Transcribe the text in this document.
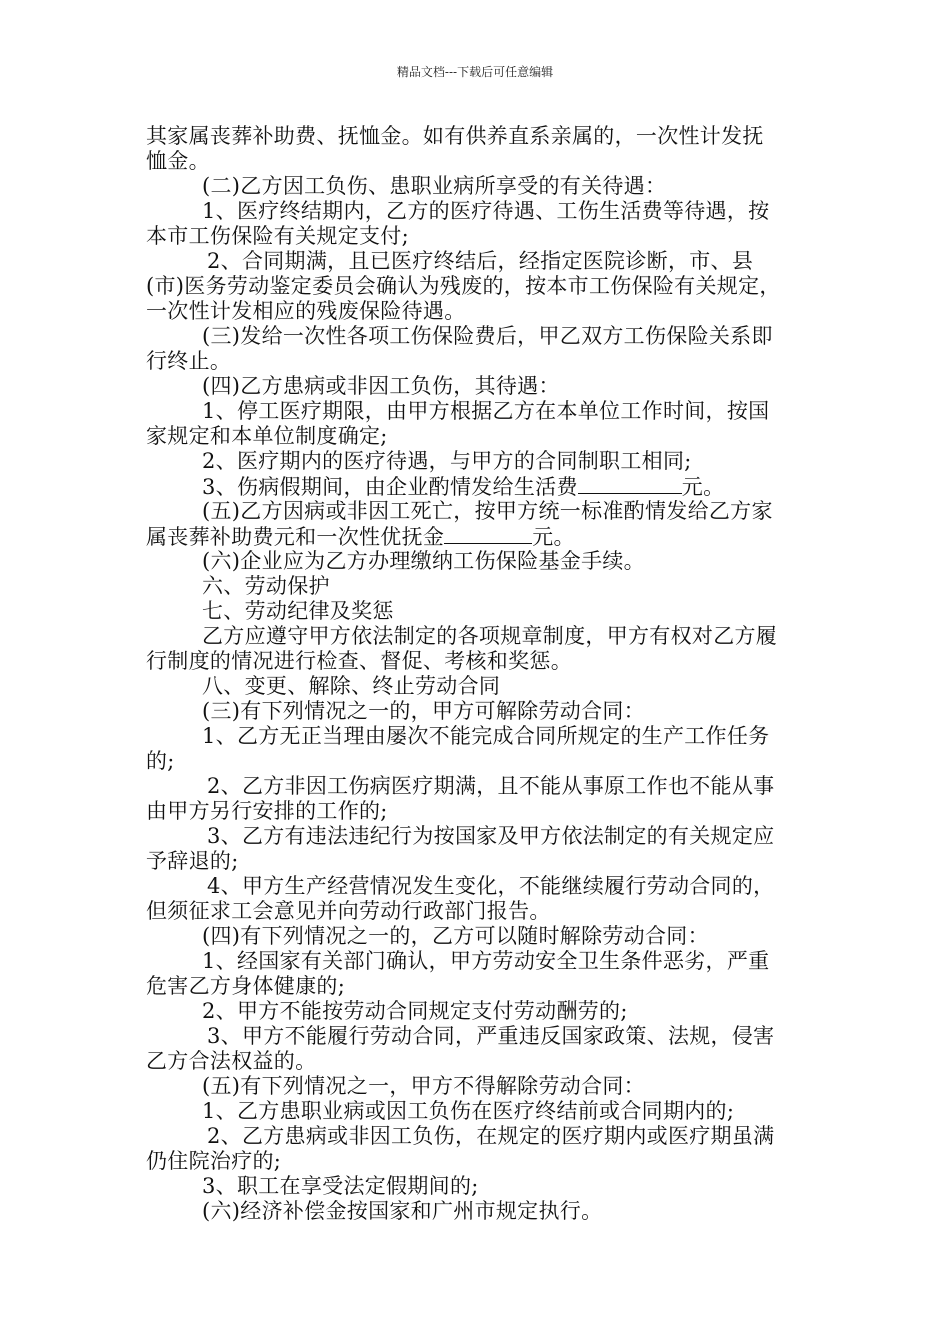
精品文档---下载后可任意编辑
其家属丧葬补助费、抚恤金。如有供养直系亲属的，一次性计发抚
恤金。
(二)乙方因工负伤、患职业病所享受的有关待遇：
1、医疗终结期内，乙方的医疗待遇、工伤生活费等待遇，按
本市工伤保险有关规定支付;
2、合同期满，且已医疗终结后，经指定医院诊断，市、县
(市)医务劳动鉴定委员会确认为残废的，按本市工伤保险有关规定，
一次性计发相应的残废保险待遇。
(三)发给一次性各项工伤保险费后，甲乙双方工伤保险关系即
行终止。
(四)乙方患病或非因工负伤，其待遇：
1、停工医疗期限，由甲方根据乙方在本单位工作时间，按国
家规定和本单位制度确定;
2、医疗期内的医疗待遇，与甲方的合同制职工相同;
3、伤病假期间，由企业酌情发给生活费	元。
(五)乙方因病或非因工死亡，按甲方统一标准酌情发给乙方家
属丧葬补助费元和一次性优抚金	元。
(六)企业应为乙方办理缴纳工伤保险基金手续。
六、劳动保护
七、劳动纪律及奖惩
乙方应遵守甲方依法制定的各项规章制度，甲方有权对乙方履
行制度的情况进行检查、督促、考核和奖惩。
八、变更、解除、终止劳动合同
(三)有下列情况之一的，甲方可解除劳动合同：
1、乙方无正当理由屡次不能完成合同所规定的生产工作任务
的;
2、乙方非因工伤病医疗期满，且不能从事原工作也不能从事
由甲方另行安排的工作的;
3、乙方有违法违纪行为按国家及甲方依法制定的有关规定应
予辞退的;
4、甲方生产经营情况发生变化，不能继续履行劳动合同的，
但须征求工会意见并向劳动行政部门报告。
(四)有下列情况之一的，乙方可以随时解除劳动合同：
1、经国家有关部门确认，甲方劳动安全卫生条件恶劣，严重
危害乙方身体健康的;
2、甲方不能按劳动合同规定支付劳动酬劳的;
3、甲方不能履行劳动合同，严重违反国家政策、法规，侵害
乙方合法权益的。
(五)有下列情况之一，甲方不得解除劳动合同：
1、乙方患职业病或因工负伤在医疗终结前或合同期内的;
2、乙方患病或非因工负伤，在规定的医疗期内或医疗期虽满
仍住院治疗的;
3、职工在享受法定假期间的;
(六)经济补偿金按国家和广州市规定执行。
